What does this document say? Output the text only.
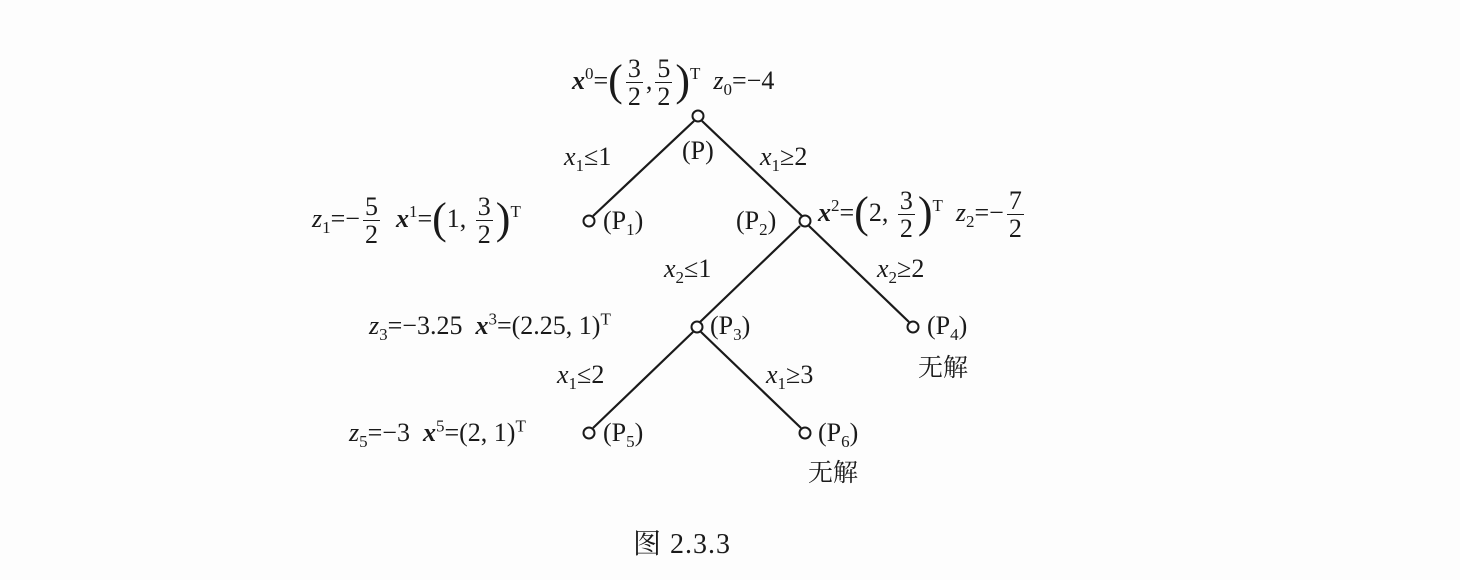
$x^0=( \frac{3}{2}$ , $\frac{5}{2} )^T$ $z_0=-4$
(P)
$x_1\le 1$	$x_1\ge 2$
$z_1=- \frac{5}{2} x^1=(1$, $\frac{3}{2} )^T$	$(P_1)$	$(P_2)$ $x^2=(2$, $\frac{3}{2} )^T$ $z_2=- \frac{7}{2}$
$x_2\le 1$	$x_2\ge 2$
$z_3=-3.25$ $x^3=(2.25$, 1)$^T$	$(P_3)$	$(P_4)$
无解
$x_1\le 2$	$x_1\ge 3$
$z_5=-3$ $x^5=(2$, 1)$^T$	$(P_5)$	$(P_6)$
无解
图 2.3.3
